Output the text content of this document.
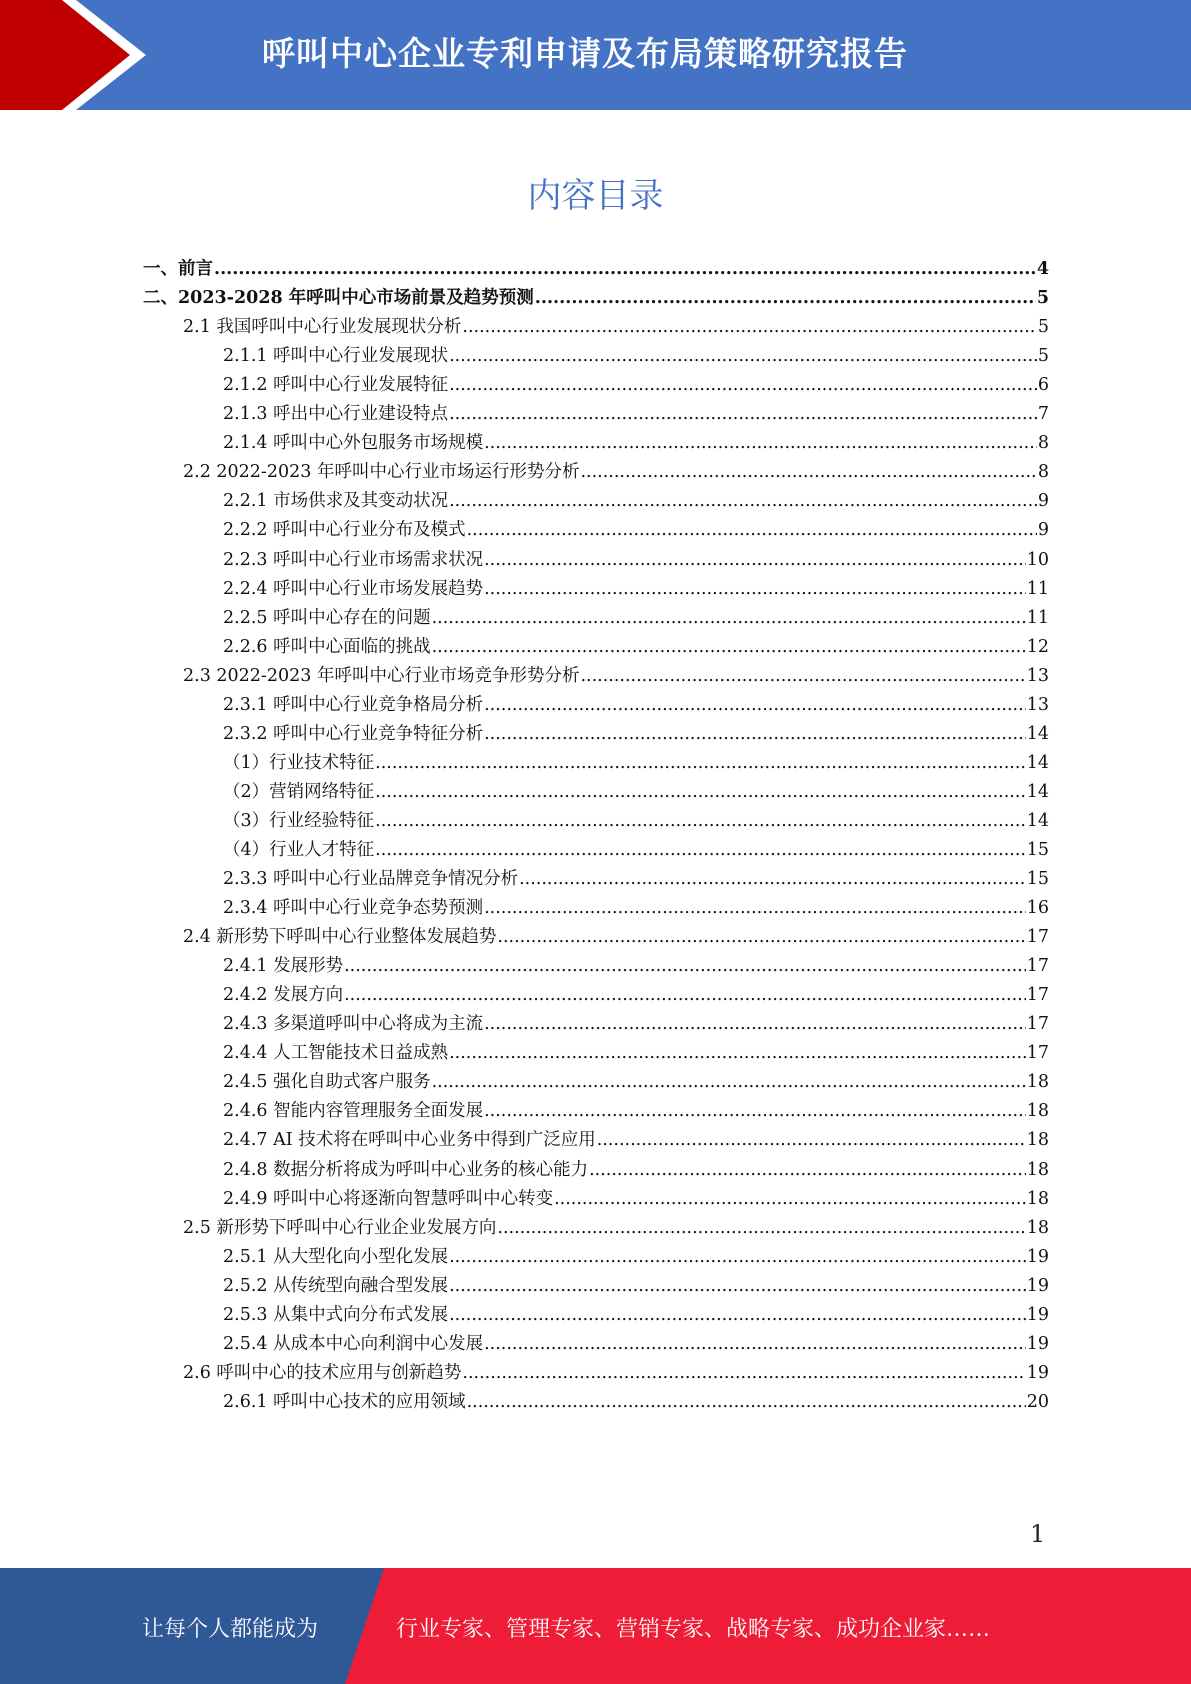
呼叫中心企业专利申请及布局策略研究报告
内容目录
一、前言 .....	4
二、2023-2028 年呼叫中心市场前景及趋势预测 .....	5
2.1 我国呼叫中心行业发展现状分析 .....	5
2.1.1 呼叫中心行业发展现状 .....	5
2.1.2 呼叫中心行业发展特征 .....	6
2.1.3 呼出中心行业建设特点 .....	7
2.1.4 呼叫中心外包服务市场规模 .....	8
2.2 2022-2023 年呼叫中心行业市场运行形势分析 .....	8
2.2.1 市场供求及其变动状况 .....	9
2.2.2 呼叫中心行业分布及模式 .....	9
2.2.3 呼叫中心行业市场需求状况 .....	10
2.2.4 呼叫中心行业市场发展趋势 .....	11
2.2.5 呼叫中心存在的问题 .....	11
2.2.6 呼叫中心面临的挑战 .....	12
2.3 2022-2023 年呼叫中心行业市场竞争形势分析 .....	13
2.3.1 呼叫中心行业竞争格局分析 .....	13
2.3.2 呼叫中心行业竞争特征分析 .....	14
（1）行业技术特征 .....	14
（2）营销网络特征 .....	14
（3）行业经验特征 .....	14
（4）行业人才特征 .....	15
2.3.3 呼叫中心行业品牌竞争情况分析 .....	15
2.3.4 呼叫中心行业竞争态势预测 .....	16
2.4 新形势下呼叫中心行业整体发展趋势 .....	17
2.4.1 发展形势 .....	17
2.4.2 发展方向 .....	17
2.4.3 多渠道呼叫中心将成为主流 .....	17
2.4.4 人工智能技术日益成熟 .....	17
2.4.5 强化自助式客户服务 .....	18
2.4.6 智能内容管理服务全面发展 .....	18
2.4.7 AI 技术将在呼叫中心业务中得到广泛应用 .....	18
2.4.8 数据分析将成为呼叫中心业务的核心能力 .....	18
2.4.9 呼叫中心将逐渐向智慧呼叫中心转变 .....	18
2.5 新形势下呼叫中心行业企业发展方向 .....	18
2.5.1 从大型化向小型化发展 .....	19
2.5.2 从传统型向融合型发展 .....	19
2.5.3 从集中式向分布式发展 .....	19
2.5.4 从成本中心向利润中心发展 .....	19
2.6 呼叫中心的技术应用与创新趋势 .....	19
2.6.1 呼叫中心技术的应用领域 .....	20
1
让每个人都能成为	行业专家、管理专家、营销专家、战略专家、成功企业家……
